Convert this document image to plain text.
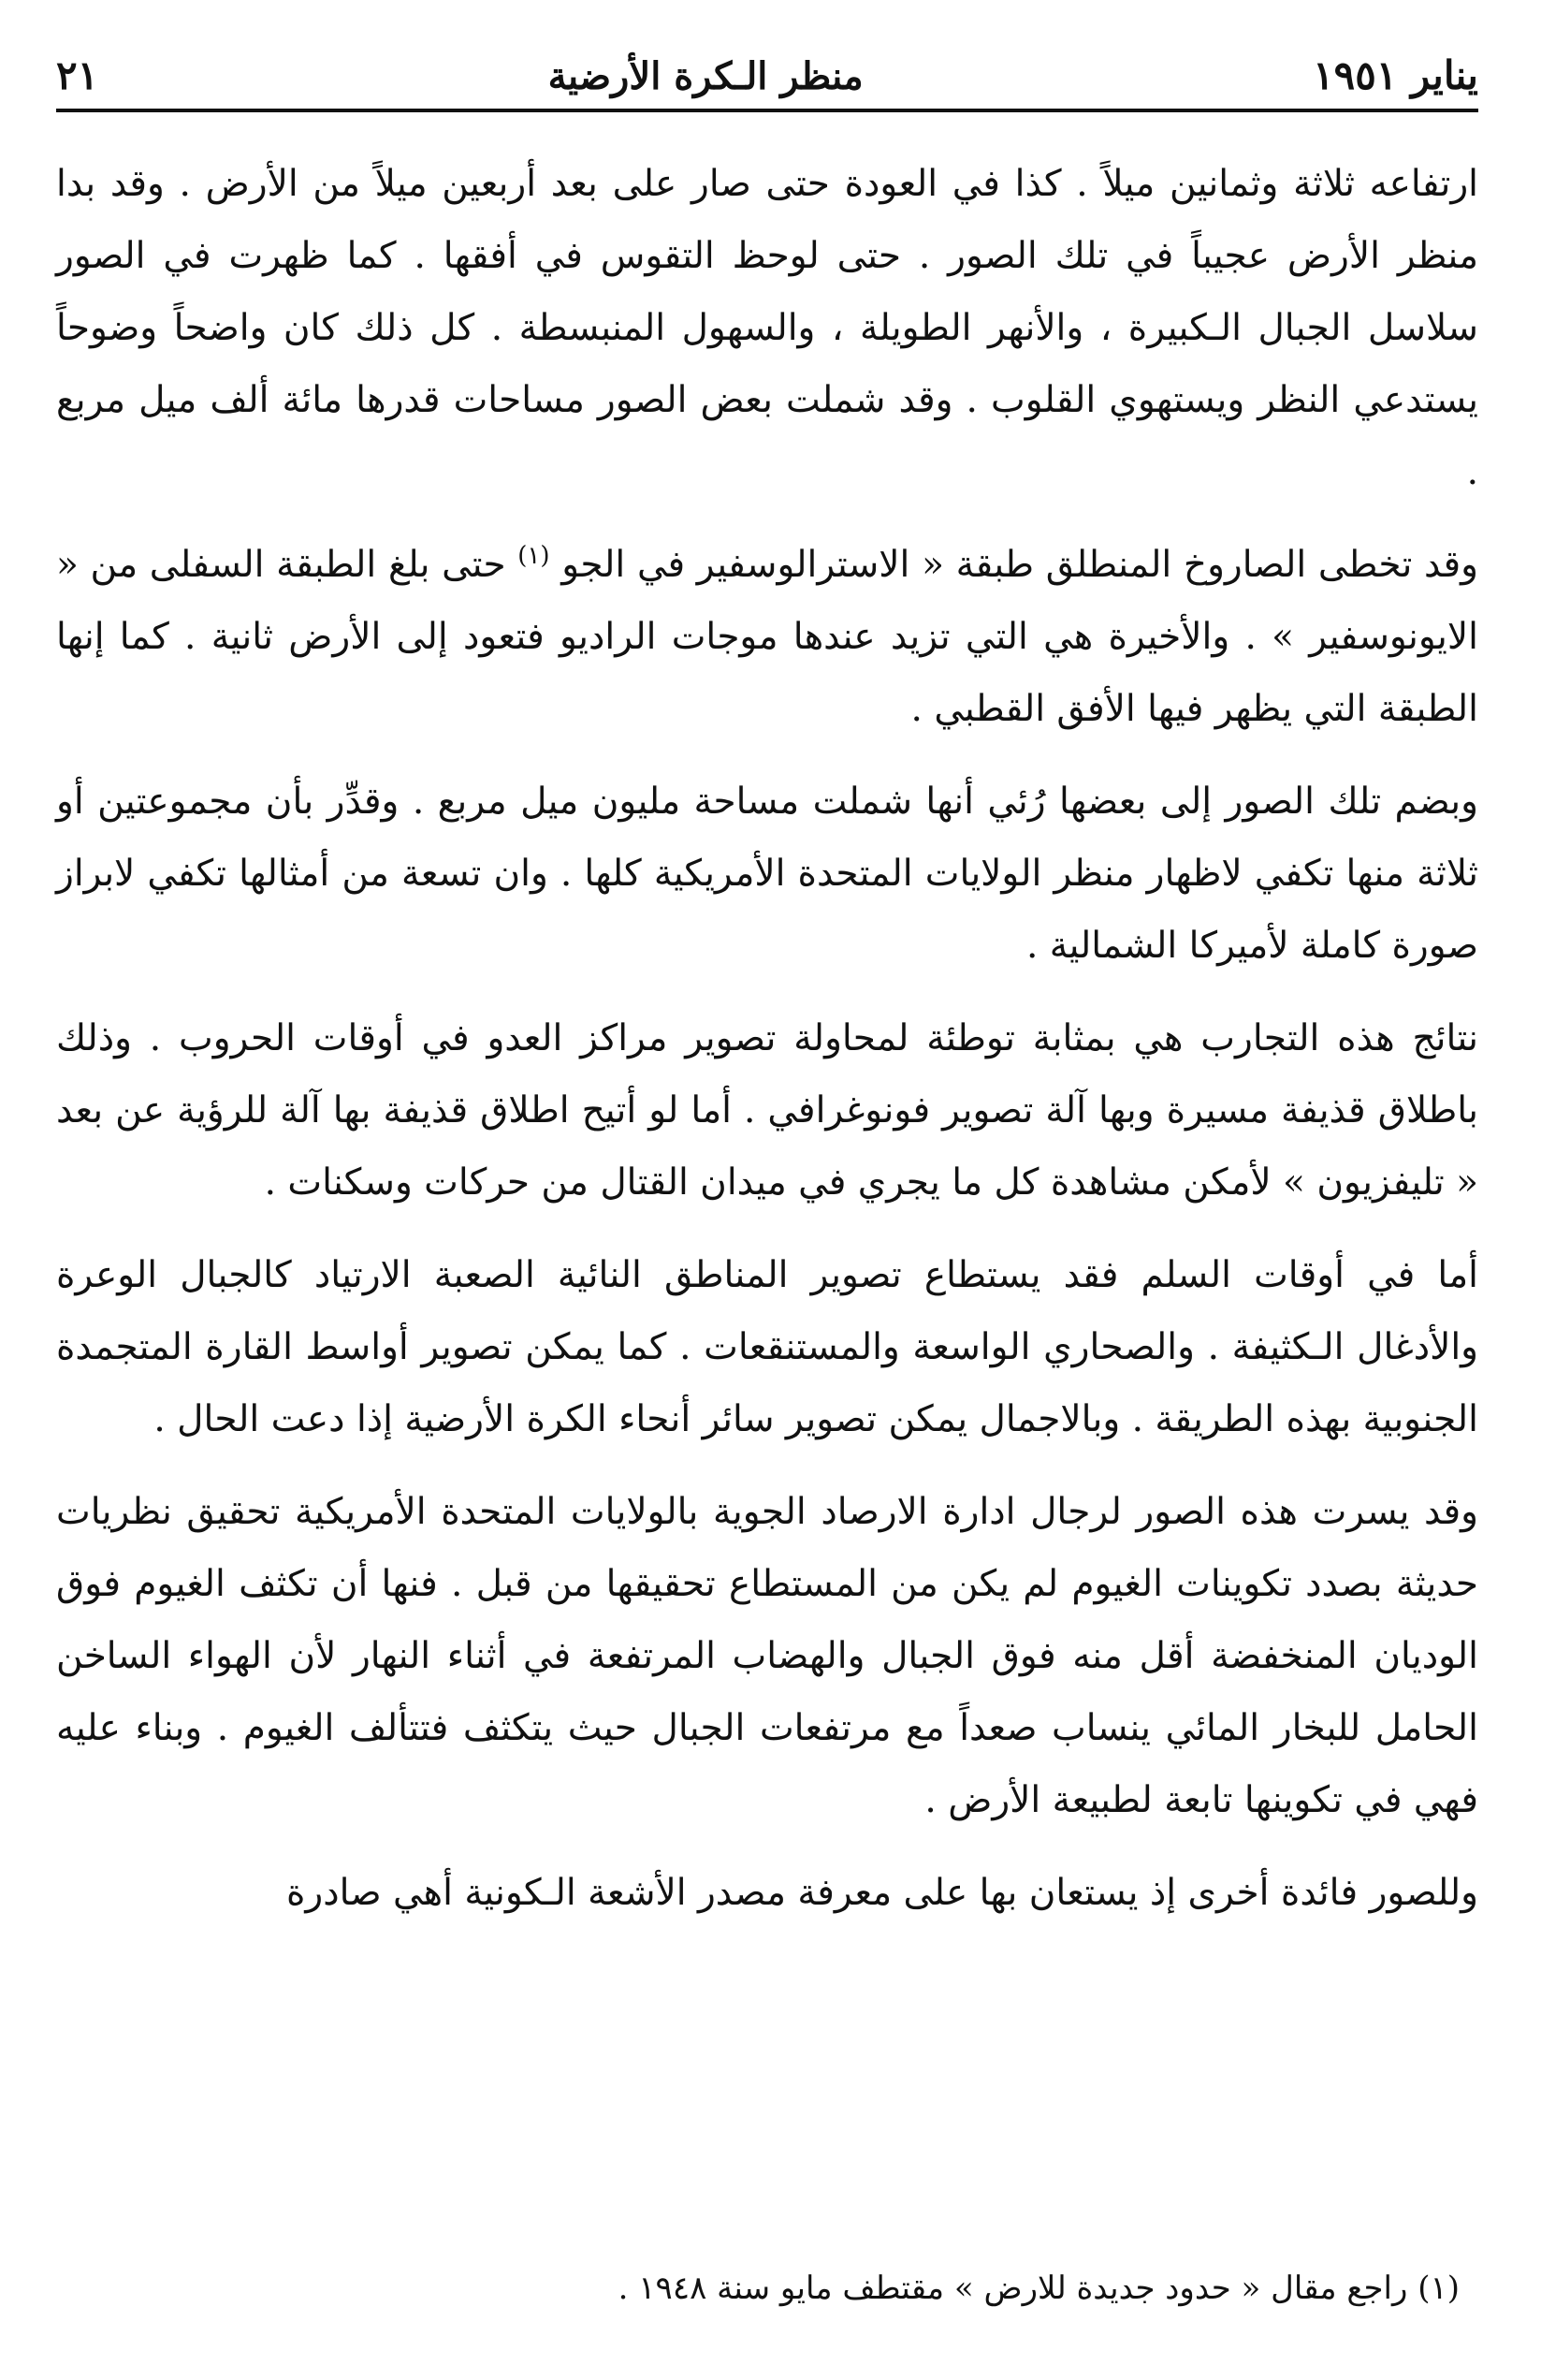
يناير ١٩٥١
منظر الـكرة الأرضية
٢١

ارتفاعه ثلاثة وثمانين ميلاً . كذا في العودة حتى صار على بعد أربعين ميلاً من الأرض . وقد بدا منظر الأرض عجيباً في تلك الصور . حتى لوحظ التقوس في أفقها . كما ظهرت في الصور سلاسل الجبال الـكبيرة ، والأنهر الطويلة ، والسهول المنبسطة . كل ذلك كان واضحاً وضوحاً يستدعي النظر ويستهوي القلوب . وقد شملت بعض الصور مساحات قدرها مائة ألف ميل مربع .

وقد تخطى الصاروخ المنطلق طبقة « الاسترالوسفير في الجو $^{(١)}$ حتى بلغ الطبقة السفلى من « الايونوسفير » . والأخيرة هي التي تزيد عندها موجات الراديو فتعود إلى الأرض ثانية . كما إنها الطبقة التي يظهر فيها الأفق القطبي .

وبضم تلك الصور إلى بعضها رُئي أنها شملت مساحة مليون ميل مربع . وقدِّر بأن مجموعتين أو ثلاثة منها تكفي لاظهار منظر الولايات المتحدة الأمريكية كلها . وان تسعة من أمثالها تكفي لابراز صورة كاملة لأميركا الشمالية .

نتائج هذه التجارب هي بمثابة توطئة لمحاولة تصوير مراكز العدو في أوقات الحروب . وذلك باطلاق قذيفة مسيرة وبها آلة تصوير فونوغرافي . أما لو أتيح اطلاق قذيفة بها آلة للرؤية عن بعد « تليفزيون » لأمكن مشاهدة كل ما يجري في ميدان القتال من حركات وسكنات .

أما في أوقات السلم فقد يستطاع تصوير المناطق النائية الصعبة الارتياد كالجبال الوعرة والأدغال الـكثيفة . والصحاري الواسعة والمستنقعات . كما يمكن تصوير أواسط القارة المتجمدة الجنوبية بهذه الطريقة . وبالاجمال يمكن تصوير سائر أنحاء الكرة الأرضية إذا دعت الحال .

وقد يسرت هذه الصور لرجال ادارة الارصاد الجوية بالولايات المتحدة الأمريكية تحقيق نظريات حديثة بصدد تكوينات الغيوم لم يكن من المستطاع تحقيقها من قبل . فنها أن تكثف الغيوم فوق الوديان المنخفضة أقل منه فوق الجبال والهضاب المرتفعة في أثناء النهار لأن الهواء الساخن الحامل للبخار المائي ينساب صعداً مع مرتفعات الجبال حيث يتكثف فتتألف الغيوم . وبناء عليه فهي في تكوينها تابعة لطبيعة الأرض .

وللصور فائدة أخرى إذ يستعان بها على معرفة مصدر الأشعة الـكونية أهي صادرة

(١) راجع مقال « حدود جديدة للارض » مقتطف مايو سنة ١٩٤٨ .
